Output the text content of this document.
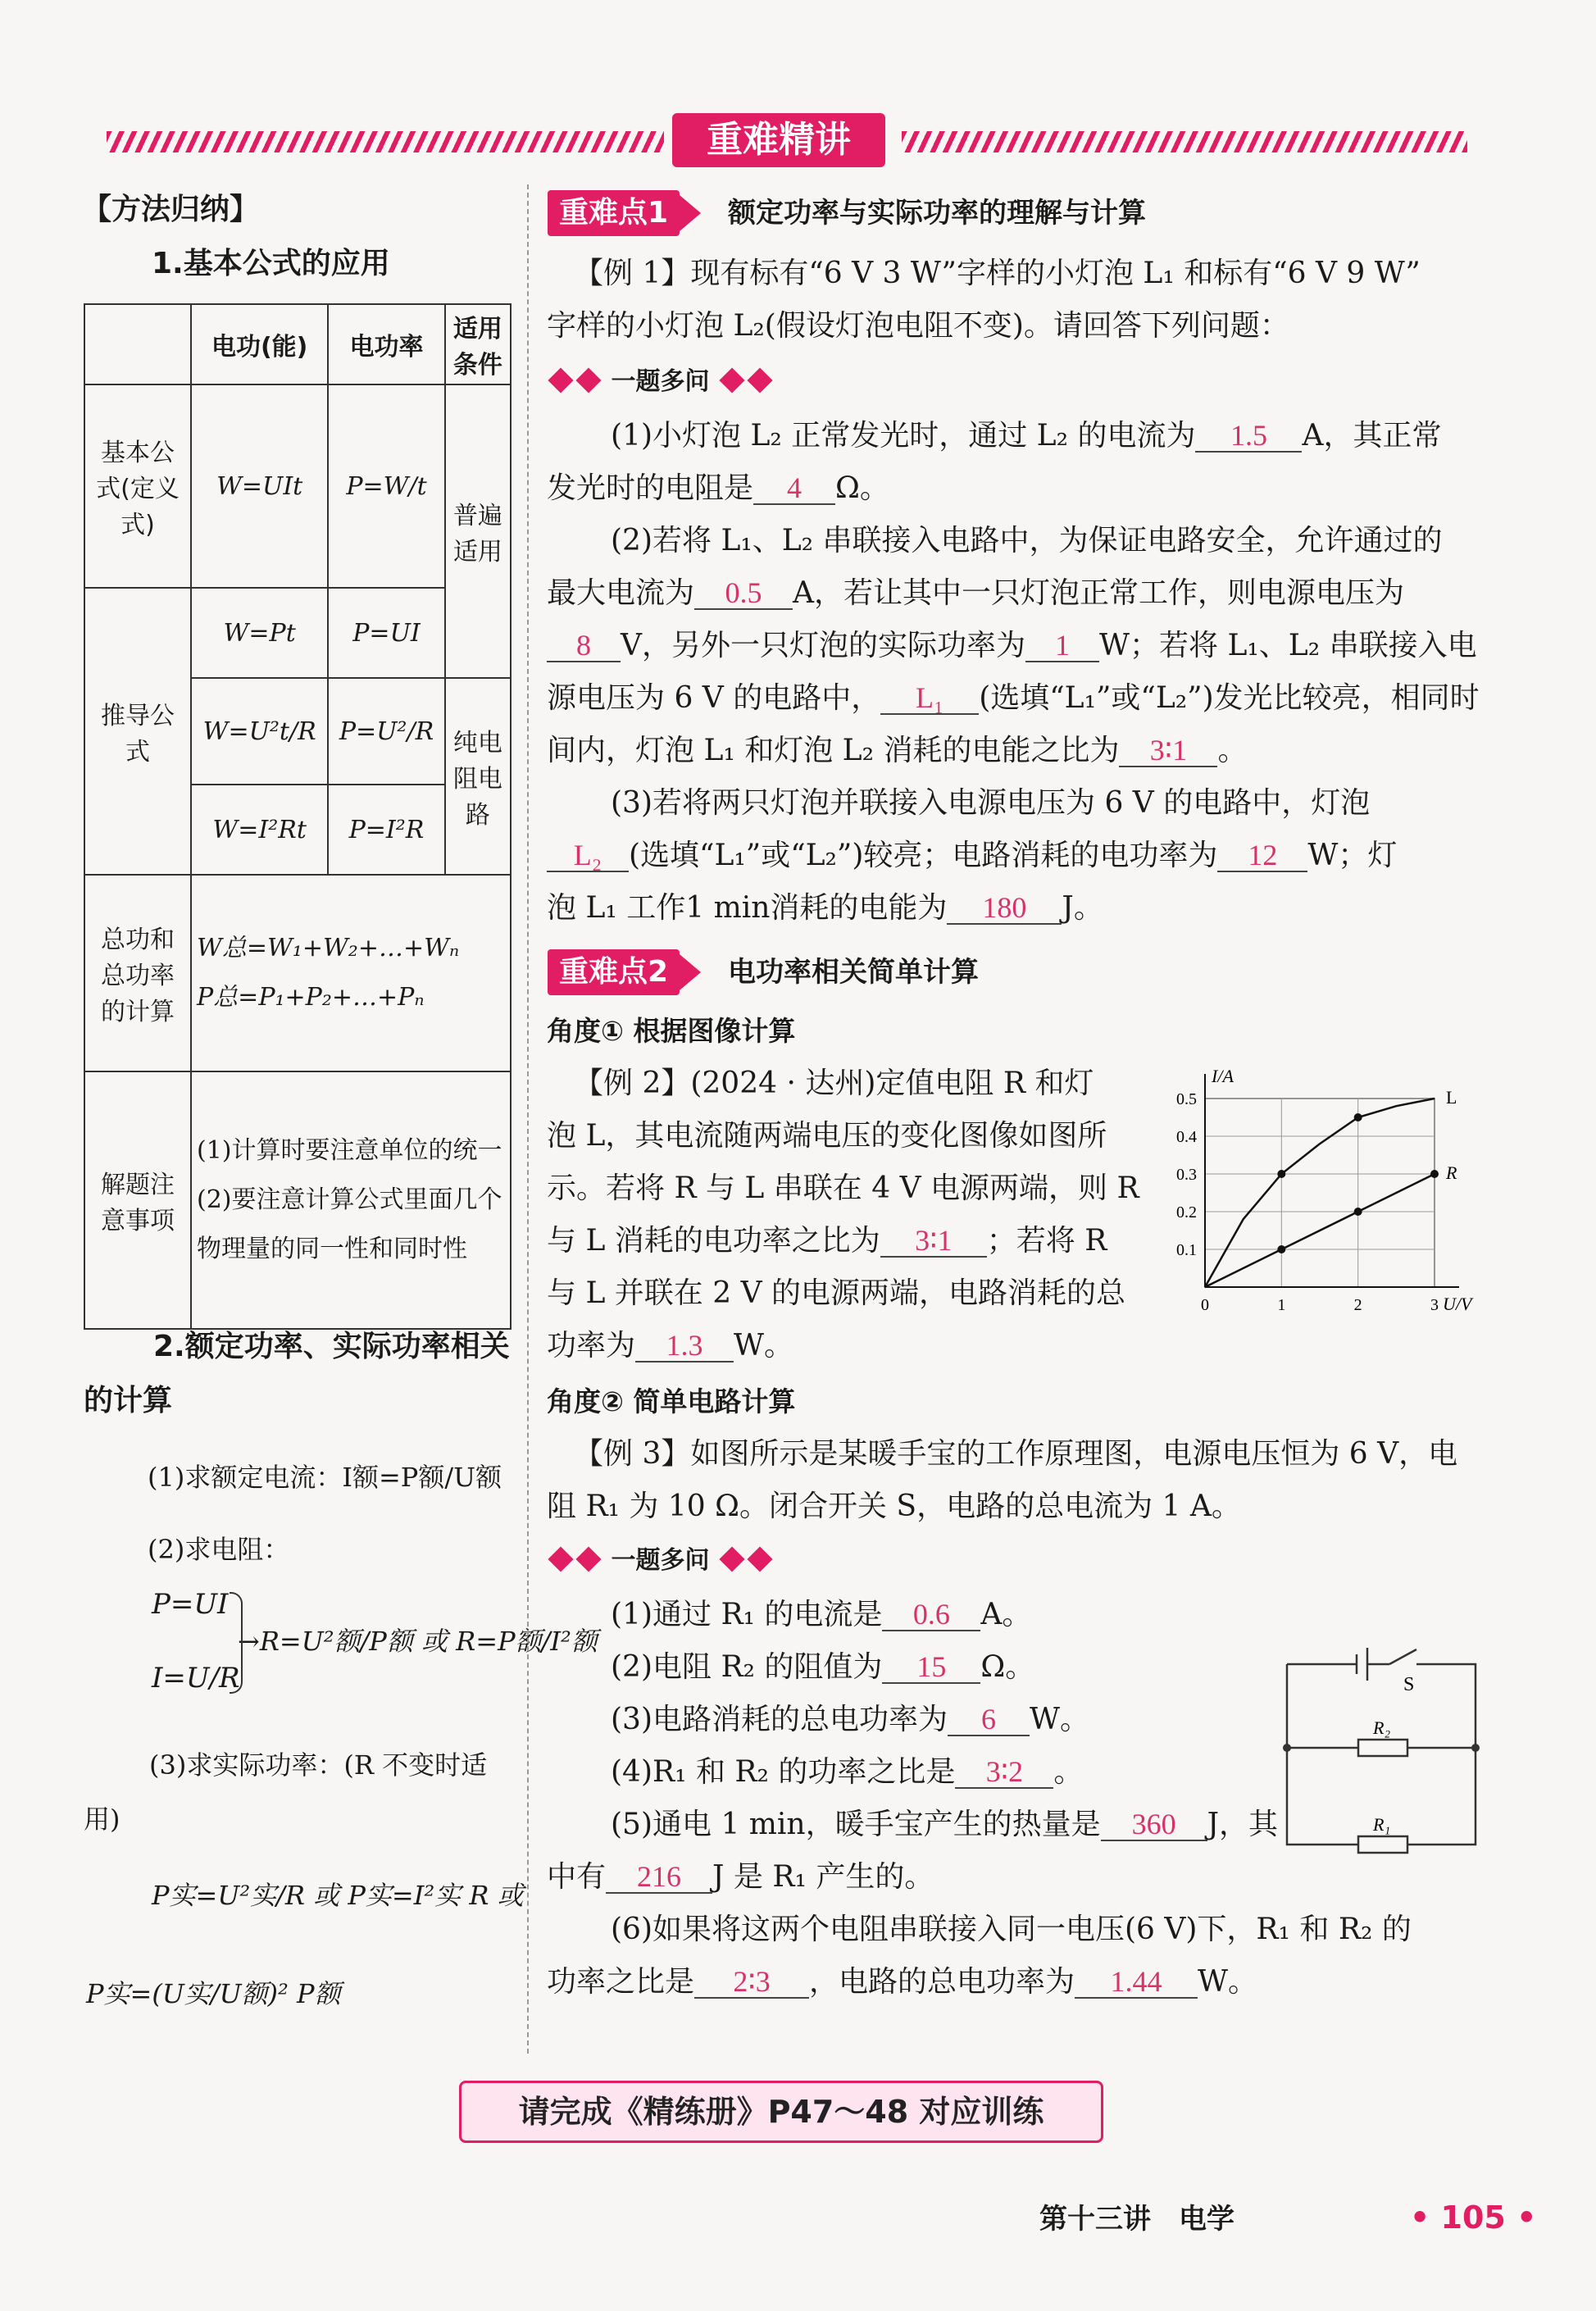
重难精讲
【方法归纳】
1.基本公式的应用
	电功(能)	电功率	适用条件
基本公式(定义式)	W=UIt	P=W/t	普遍适用
推导公式	W=Pt	P=UI	
	W=U²t/R	P=U²/R	纯电阻电路
	W=I²Rt	P=I²R	
总功和总功率的计算	W总=W₁+W₂+…+Wₙ
P总=P₁+P₂+…+Pₙ		

解题注意事项	(1)计算时要注意单位的统一
(2)要注意计算公式里面几个物理量的同一性和同时性		
2.额定功率、实际功率相关的计算
(1)求额定电流：I额=P额/U额
(2)求电阻：
P=UI
I=U/R
→R=U²额/P额 或 R=P额/I²额
(3)求实际功率：(R 不变时适用)
P实=U²实/R 或 P实=I²实 R 或
P实=(U实/U额)² P额
重难点1	额定功率与实际功率的理解与计算
【例 1】现有标有“6 V 3 W”字样的小灯泡 L₁ 和标有“6 V 9 W”
字样的小灯泡 L₂(假设灯泡电阻不变)。请回答下列问题：
一题多问
(1)小灯泡 L₂ 正常发光时，通过 L₂ 的电流为 1.5 A，其正常
发光时的电阻是 4 Ω。
(2)若将 L₁、L₂ 串联接入电路中，为保证电路安全，允许通过的
最大电流为 0.5 A，若让其中一只灯泡正常工作，则电源电压为
8 V，另外一只灯泡的实际功率为 1 W；若将 L₁、L₂ 串联接入电
源电压为 6 V 的电路中， L₁ (选填“L₁”或“L₂”)发光比较亮，相同时
间内，灯泡 L₁ 和灯泡 L₂ 消耗的电能之比为 3∶1 。
(3)若将两只灯泡并联接入电源电压为 6 V 的电路中，灯泡
L₂ (选填“L₁”或“L₂”)较亮；电路消耗的电功率为 12 W；灯
泡 L₁ 工作1 min消耗的电能为 180 J。
重难点2	电功率相关简单计算
角度① 根据图像计算
【例 2】(2024 · 达州)定值电阻 R 和灯
泡 L，其电流随两端电压的变化图像如图所
示。若将 R 与 L 串联在 4 V 电源两端，则 R
与 L 消耗的电功率之比为 3∶1 ；若将 R
与 L 并联在 2 V 的电源两端，电路消耗的总
功率为 1.3 W。
0.1
0.2
0.3
0.4
0.5
0	1	2	3 U/V
I/A
L
R
角度② 简单电路计算
【例 3】如图所示是某暖手宝的工作原理图，电源电压恒为 6 V，电
阻 R₁ 为 10 Ω。闭合开关 S，电路的总电流为 1 A。
一题多问
(1)通过 R₁ 的电流是 0.6 A。
(2)电阻 R₂ 的阻值为 15 Ω。
(3)电路消耗的总电功率为 6 W。
(4)R₁ 和 R₂ 的功率之比是 3∶2 。
(5)通电 1 min，暖手宝产生的热量是 360 J，其
中有 216 J 是 R₁ 产生的。
(6)如果将这两个电阻串联接入同一电压(6 V)下，R₁ 和 R₂ 的
功率之比是 2∶3 ，电路的总电功率为 1.44 W。
S
R₂
R₁
请完成《精练册》P47～48 对应训练
第十三讲　电学	• 105 •
